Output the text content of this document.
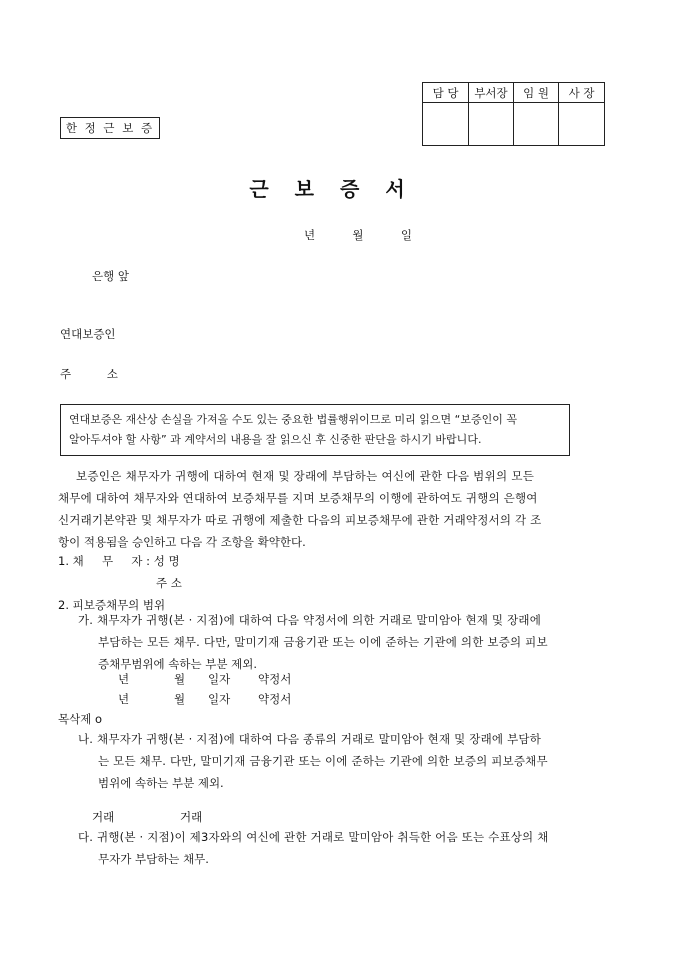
담 당	부서장	임 원	사 장

한 정 근 보 증
근보증서
년	월	일
은행 앞
연대보증인
주 소

연대보증은 재산상 손실을 가져올 수도 있는 중요한 법률행위이므로 미리 읽으면 “보증인이 꼭

알아두셔야 할 사항” 과 계약서의 내용을 잘 읽으신 후 신중한 판단을 하시기 바랍니다.

보증인은 채무자가 귀행에 대하여 현재 및 장래에 부담하는 여신에 관한 다음 범위의 모든

채무에 대하여 채무자와 연대하여 보증채무를 지며 보증채무의 이행에 관하여도 귀행의 은행여

신거래기본약관 및 채무자가 따로 귀행에 제출한 다음의 피보증채무에 관한 거래약정서의 각 조

항이 적용됨을 승인하고 다음 각 조항을 확약한다.

1. 채     무     자 : 성 명
주 소
2. 피보증채무의 범위

가. 채무자가 귀행(본 · 지점)에 대하여 다음 약정서에 의한 거래로 말미암아 현재 및 장래에

부담하는 모든 채무. 다만, 말미기재 금융기관 또는 이에 준하는 기관에 의한 보증의 피보

증채무범위에 속하는 부분 제외.

년	월 일자 약정서
년	월 일자 약정서
목삭제 o

나. 채무자가 귀행(본 · 지점)에 대하여 다음 종류의 거래로 말미암아 현재 및 장래에 부담하

는 모든 채무. 다만, 말미기재 금융기관 또는 이에 준하는 기관에 의한 보증의 피보증채무

범위에 속하는 부분 제외.

거래	거래

다. 귀행(본 · 지점)이 제3자와의 여신에 관한 거래로 말미암아 취득한 어음 또는 수표상의 채

무자가 부담하는 채무.
